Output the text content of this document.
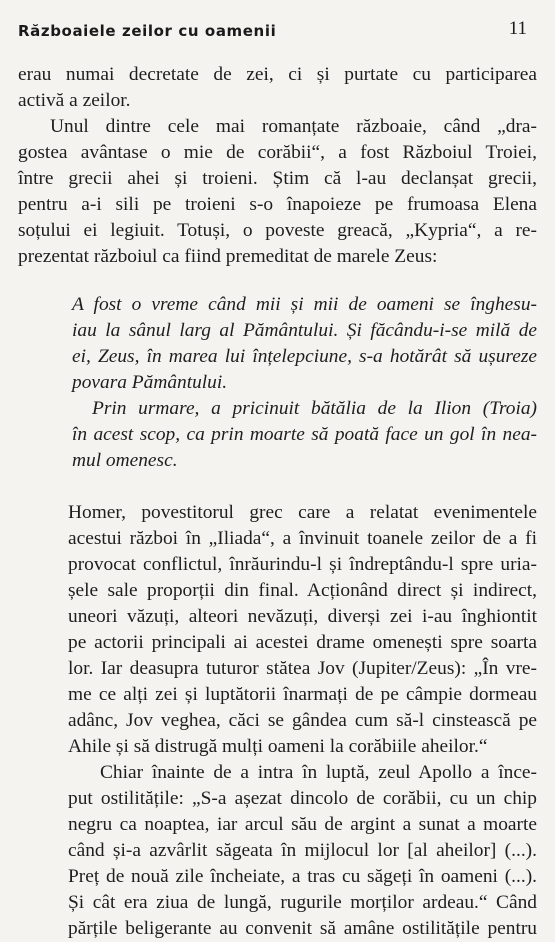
Războaiele zeilor cu oamenii	11
erau numai decretate de zei, ci și purtate cu participarea
activă a zeilor.
Unul dintre cele mai romanțate războaie, când „dra-
gostea avântase o mie de corăbii“, a fost Războiul Troiei,
între grecii ahei și troieni. Știm că l-au declanșat grecii,
pentru a-i sili pe troieni s-o înapoieze pe frumoasa Elena
soțului ei legiuit. Totuși, o poveste greacă, „Kypria“, a re-
prezentat războiul ca fiind premeditat de marele Zeus:
A fost o vreme când mii și mii de oameni se înghesu-
iau la sânul larg al Pământului. Și făcându-i-se milă de
ei, Zeus, în marea lui înțelepciune, s-a hotărât să ușureze
povara Pământului.
Prin urmare, a pricinuit bătălia de la Ilion (Troia)
în acest scop, ca prin moarte să poată face un gol în nea-
mul omenesc.
Homer, povestitorul grec care a relatat evenimentele
acestui război în „Iliada“, a învinuit toanele zeilor de a fi
provocat conflictul, înrăurindu-l și îndreptându-l spre uria-
șele sale proporții din final. Acționând direct și indirect,
uneori văzuți, alteori nevăzuți, diverși zei i-au înghiontit
pe actorii principali ai acestei drame omenești spre soarta
lor. Iar deasupra tuturor stătea Jov (Jupiter/Zeus): „În vre-
me ce alți zei și luptătorii înarmați de pe câmpie dormeau
adânc, Jov veghea, căci se gândea cum să-l cinstească pe
Ahile și să distrugă mulți oameni la corăbiile aheilor.“
Chiar înainte de a intra în luptă, zeul Apollo a înce-
put ostilitățile: „S-a așezat dincolo de corăbii, cu un chip
negru ca noaptea, iar arcul său de argint a sunat a moarte
când și-a azvârlit săgeata în mijlocul lor [al aheilor] (...).
Preț de nouă zile încheiate, a tras cu săgeți în oameni (...).
Și cât era ziua de lungă, rugurile morților ardeau.“ Când
părțile beligerante au convenit să amâne ostilitățile pentru
